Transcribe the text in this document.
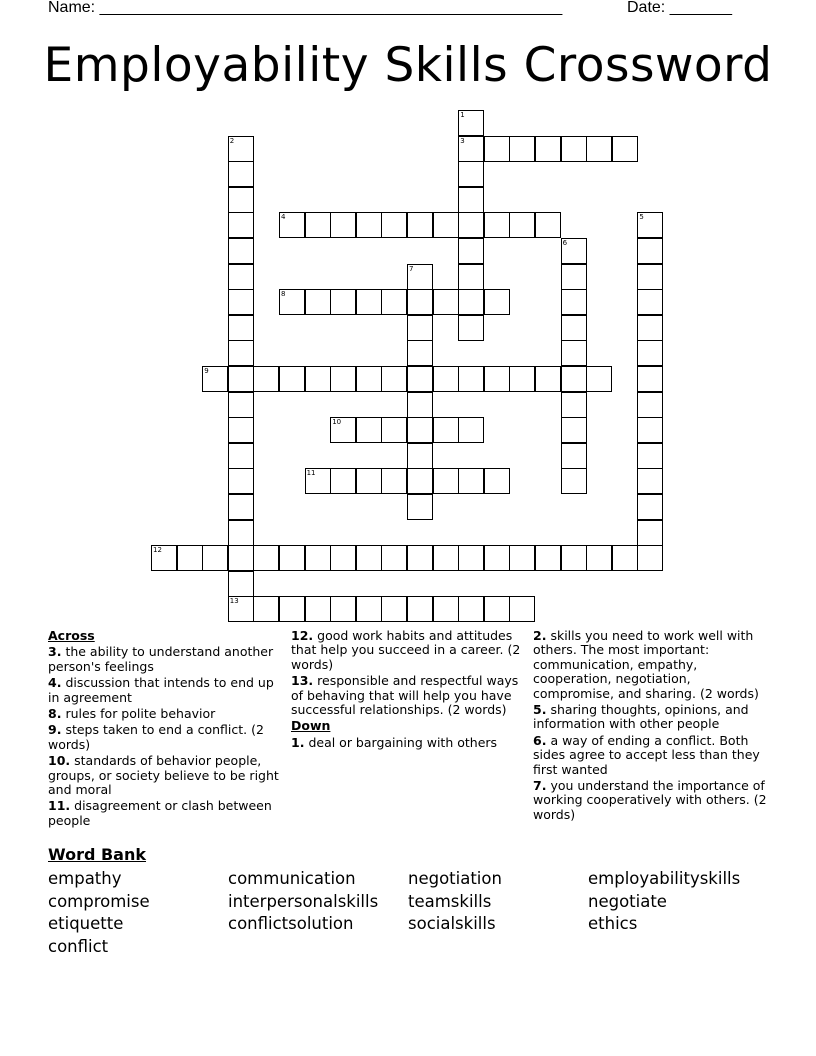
Name: ____________________________________________________	Date: _______
Employability Skills Crossword
1
3
2
13
4	5
6
7
8
9
10
11
12
Across
3. the ability to understand another person's feelings
4. discussion that intends to end up in agreement
8. rules for polite behavior
9. steps taken to end a conflict. (2 words)
10. standards of behavior people, groups, or society believe to be right and moral
11. disagreement or clash between people
12. good work habits and attitudes that help you succeed in a career. (2 words)
13. responsible and respectful ways of behaving that will help you have successful relationships. (2 words)
Down
1. deal or bargaining with others
2. skills you need to work well with others. The most important: communication, empathy, cooperation, negotiation, compromise, and sharing. (2 words)
5. sharing thoughts, opinions, and information with other people
6. a way of ending a conflict. Both sides agree to accept less than they first wanted
7. you understand the importance of working cooperatively with others. (2 words)
Word Bank
empathy
compromise
etiquette
conflict
communication
interpersonalskills
conflictsolution
negotiation
teamskills
socialskills
employabilityskills
negotiate
ethics
